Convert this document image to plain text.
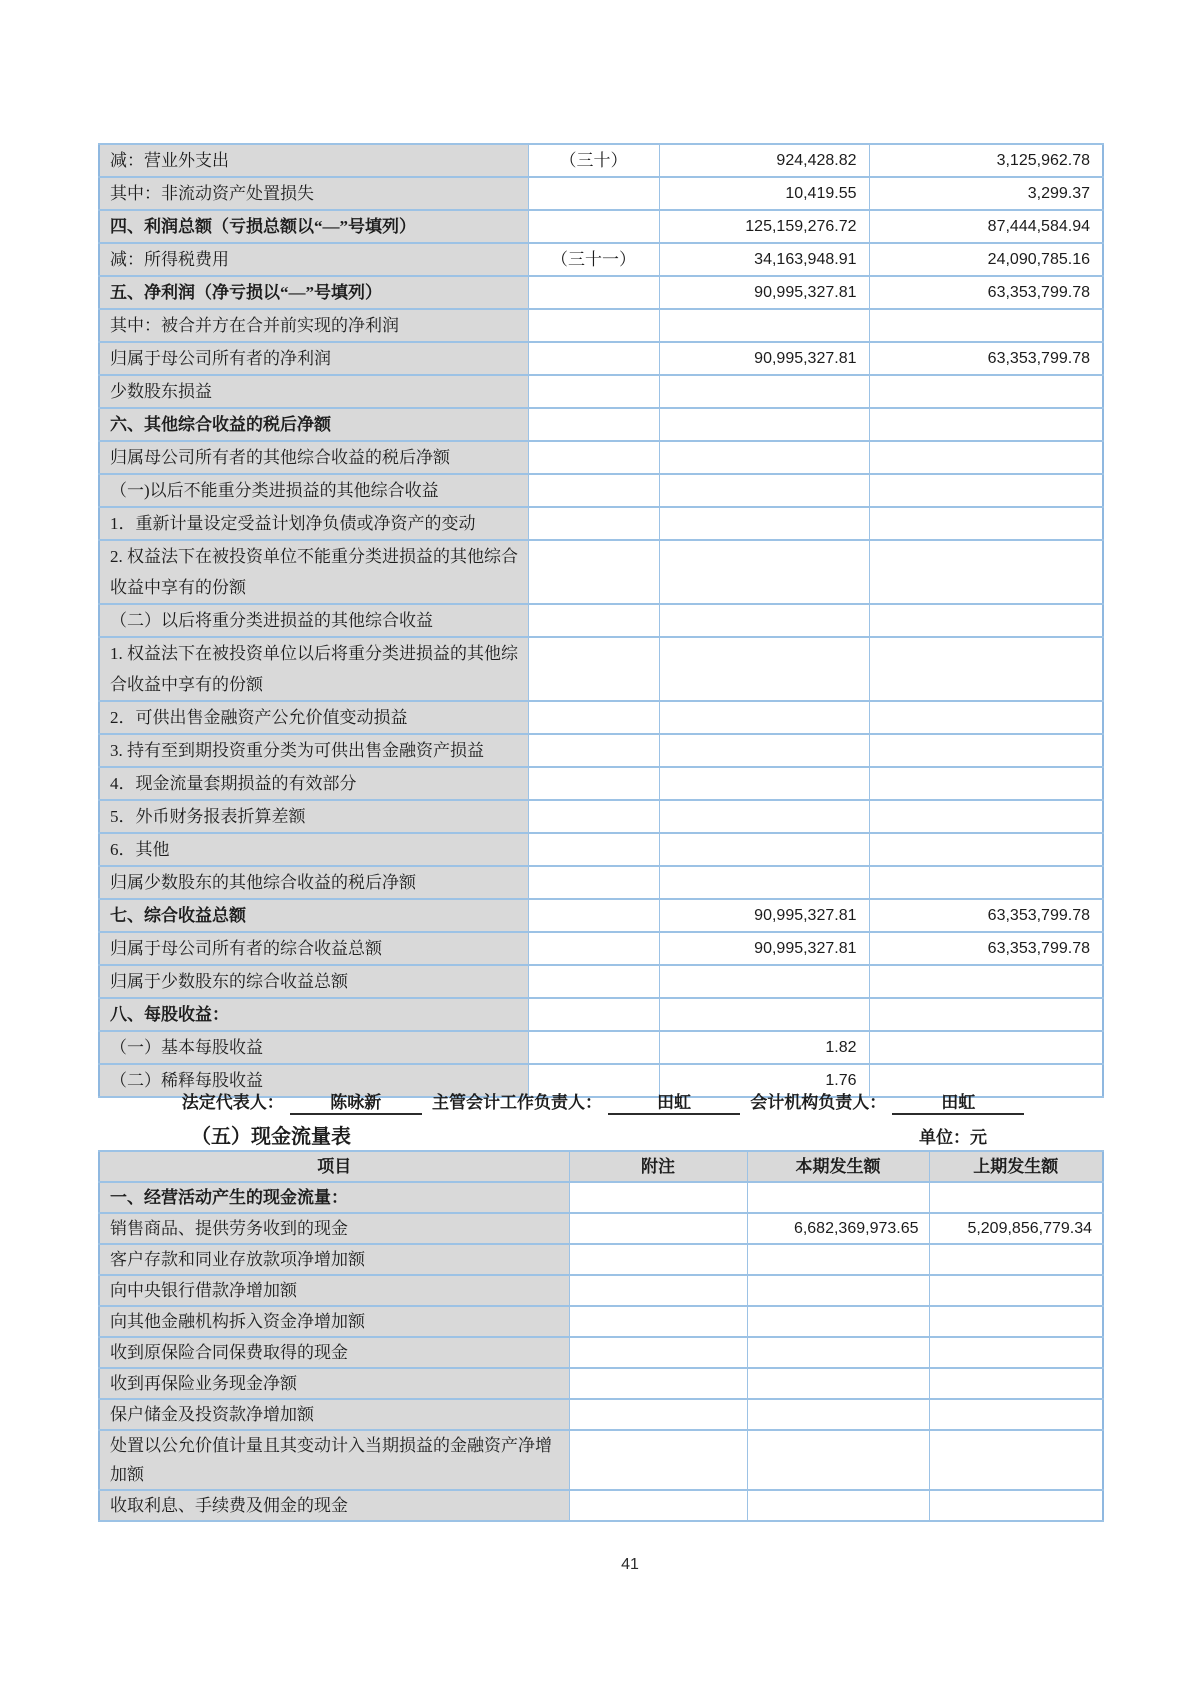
减：营业外支出	（三十）	924,428.82	3,125,962.78
其中：非流动资产处置损失		10,419.55	3,299.37
四、利润总额（亏损总额以“—”号填列）		125,159,276.72	87,444,584.94
减：所得税费用	（三十一）	34,163,948.91	24,090,785.16
五、净利润（净亏损以“—”号填列）		90,995,327.81	63,353,799.78
其中：被合并方在合并前实现的净利润			
归属于母公司所有者的净利润		90,995,327.81	63,353,799.78
少数股东损益			
六、其他综合收益的税后净额			
归属母公司所有者的其他综合收益的税后净额			
（一)以后不能重分类进损益的其他综合收益			
1．重新计量设定受益计划净负债或净资产的变动			
2. 权益法下在被投资单位不能重分类进损益的其他综合收益中享有的份额			
（二）以后将重分类进损益的其他综合收益			
1. 权益法下在被投资单位以后将重分类进损益的其他综合收益中享有的份额			
2．可供出售金融资产公允价值变动损益			
3. 持有至到期投资重分类为可供出售金融资产损益			
4．现金流量套期损益的有效部分			
5．外币财务报表折算差额			
6．其他			
归属少数股东的其他综合收益的税后净额			
七、综合收益总额		90,995,327.81	63,353,799.78
归属于母公司所有者的综合收益总额		90,995,327.81	63,353,799.78
归属于少数股东的综合收益总额			
八、每股收益：			
（一）基本每股收益		1.82	
（二）稀释每股收益		1.76	
法定代表人：	陈咏新	主管会计工作负责人：	田虹	会计机构负责人：	田虹
（五）现金流量表	单位：元
项目	附注	本期发生额	上期发生额
一、经营活动产生的现金流量：			
销售商品、提供劳务收到的现金		6,682,369,973.65	5,209,856,779.34
客户存款和同业存放款项净增加额			
向中央银行借款净增加额			
向其他金融机构拆入资金净增加额			
收到原保险合同保费取得的现金			
收到再保险业务现金净额			
保户储金及投资款净增加额			
处置以公允价值计量且其变动计入当期损益的金融资产净增加额			
收取利息、手续费及佣金的现金			
41
